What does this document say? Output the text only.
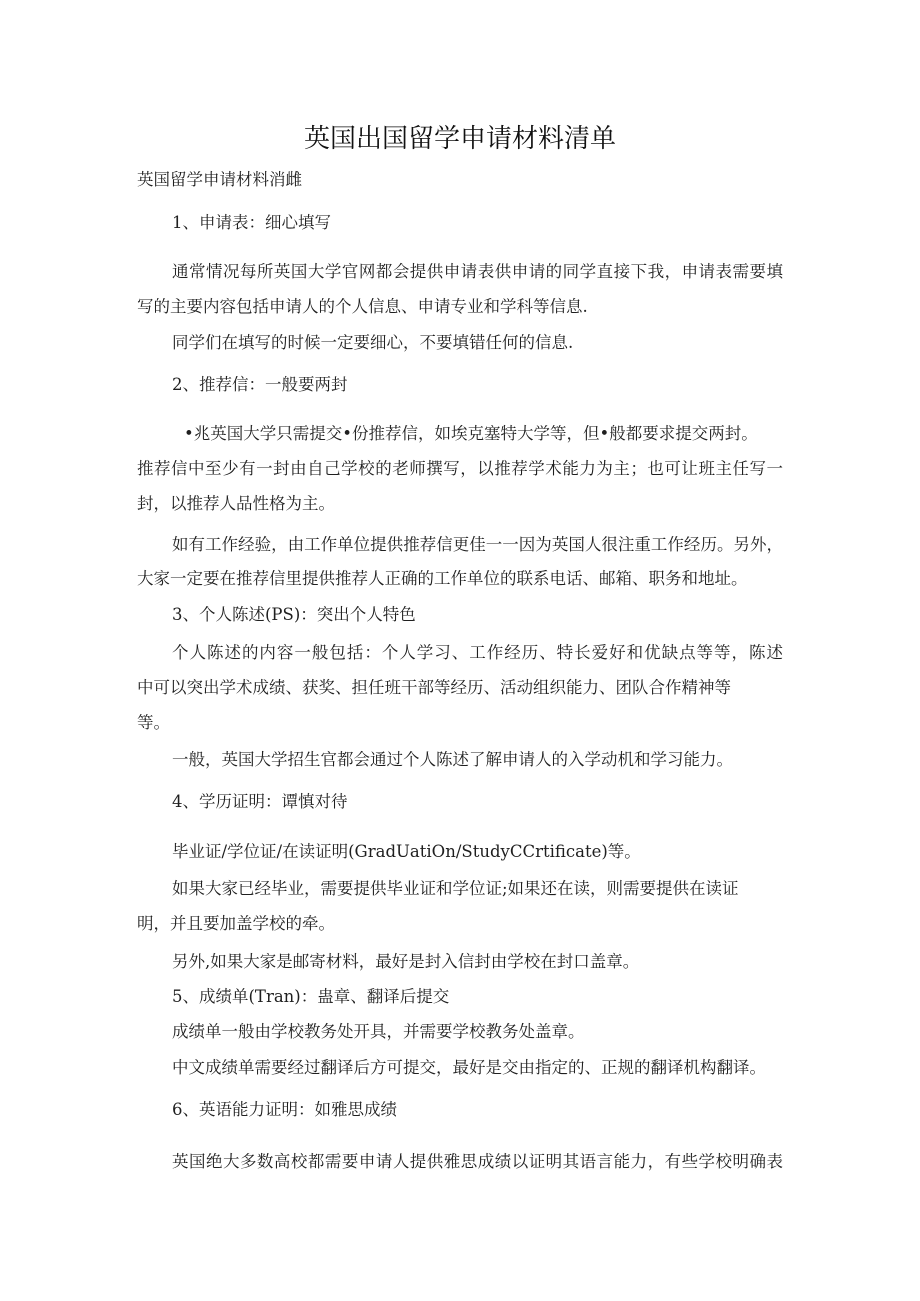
英国出国留学申请材料清单
英国留学申请材料消雌
1、申请表：细心填写
通常情况每所英国大学官网都会提供申请表供申请的同学直接下我，申请表需要填
写的主要内容包括申请人的个人信息、申请专业和学科等信息.
同学们在填写的时候一定要细心，不要填错任何的信息.
2、推荐信：一般要两封
•兆英国大学只需提交•份推荐信，如埃克塞特大学等，但•般都要求提交两封。
推荐信中至少有一封由自己学校的老师撰写，以推荐学术能力为主；也可让班主任写一
封，以推荐人品性格为主。
如有工作经验，由工作单位提供推荐信更佳一一因为英国人很注重工作经历。另外，
大家一定要在推荐信里提供推荐人正确的工作单位的联系电话、邮箱、职务和地址。
3、个人陈述(PS)：突出个人特色
个人陈述的内容一般包括：个人学习、工作经历、特长爱好和优缺点等等，陈述
中可以突出学术成绩、获奖、担任班干部等经历、活动组织能力、团队合作精神等
等。
一般，英国大学招生官都会通过个人陈述了解申请人的入学动机和学习能力。
4、学历证明：谭慎对待
毕业证/学位证/在读证明(GradUatiOn/StudyCCrtificate)等。
如果大家已经毕业，需要提供毕业证和学位证;如果还在读，则需要提供在读证
明，并且要加盖学校的牵。
另外,如果大家是邮寄材料，最好是封入信封由学校在封口盖章。
5、成绩单(Tran)：蛊章、翻译后提交
成绩单一般由学校教务处开具，并需要学校教务处盖章。
中文成绩单需要经过翻译后方可提交，最好是交由指定的、正规的翻译机构翻译。
6、英语能力证明：如雅思成绩
英国绝大多数高校都需要申请人提供雅思成绩以证明其语言能力，有些学校明确表
